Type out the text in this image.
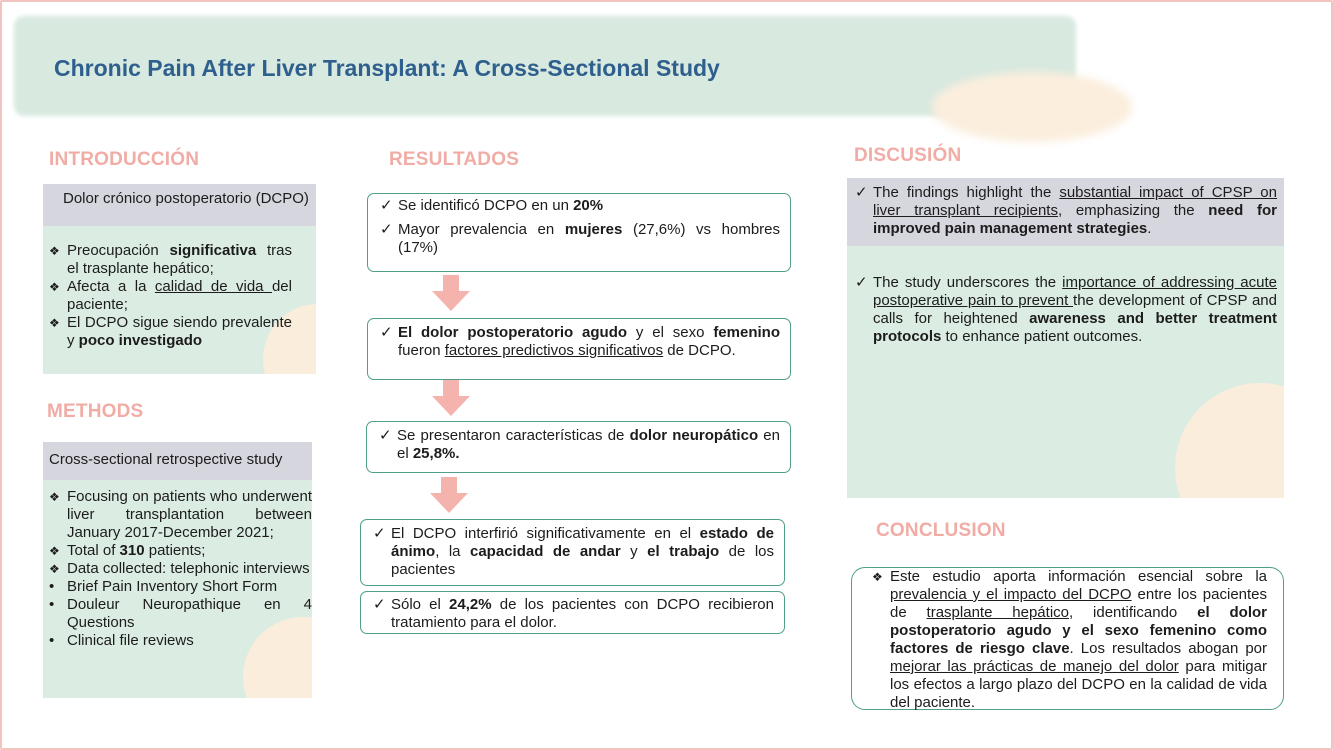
Chronic Pain After Liver Transplant: A Cross-Sectional Study
INTRODUCCIÓN
Dolor crónico postoperatorio (DCPO)
❖ Preocupación significativa tras el trasplante hepático;
❖ Afecta a la calidad de vida del paciente;
❖ El DCPO sigue siendo prevalente y poco investigado
METHODS
Cross-sectional retrospective study
❖ Focusing on patients who underwent liver transplantation between January 2017-December 2021;
❖ Total of 310 patients;
❖ Data collected: telephonic interviews
• Brief Pain Inventory Short Form
• Douleur Neuropathique en 4 Questions
• Clinical file reviews
RESULTADOS
✓ Se identificó DCPO en un 20%
✓ Mayor prevalencia en mujeres (27,6%) vs hombres (17%)
✓ El dolor postoperatorio agudo y el sexo femenino fueron factores predictivos significativos de DCPO.
✓ Se presentaron características de dolor neuropático en el 25,8%.
✓ El DCPO interfirió significativamente en el estado de ánimo, la capacidad de andar y el trabajo de los pacientes
✓ Sólo el 24,2% de los pacientes con DCPO recibieron tratamiento para el dolor.
DISCUSIÓN
✓ The findings highlight the substantial impact of CPSP on liver transplant recipients, emphasizing the need for improved pain management strategies.
✓ The study underscores the importance of addressing acute postoperative pain to prevent the development of CPSP and calls for heightened awareness and better treatment protocols to enhance patient outcomes.
CONCLUSION
❖ Este estudio aporta información esencial sobre la prevalencia y el impacto del DCPO entre los pacientes de trasplante hepático, identificando el dolor postoperatorio agudo y el sexo femenino como factores de riesgo clave. Los resultados abogan por mejorar las prácticas de manejo del dolor para mitigar los efectos a largo plazo del DCPO en la calidad de vida del paciente.
